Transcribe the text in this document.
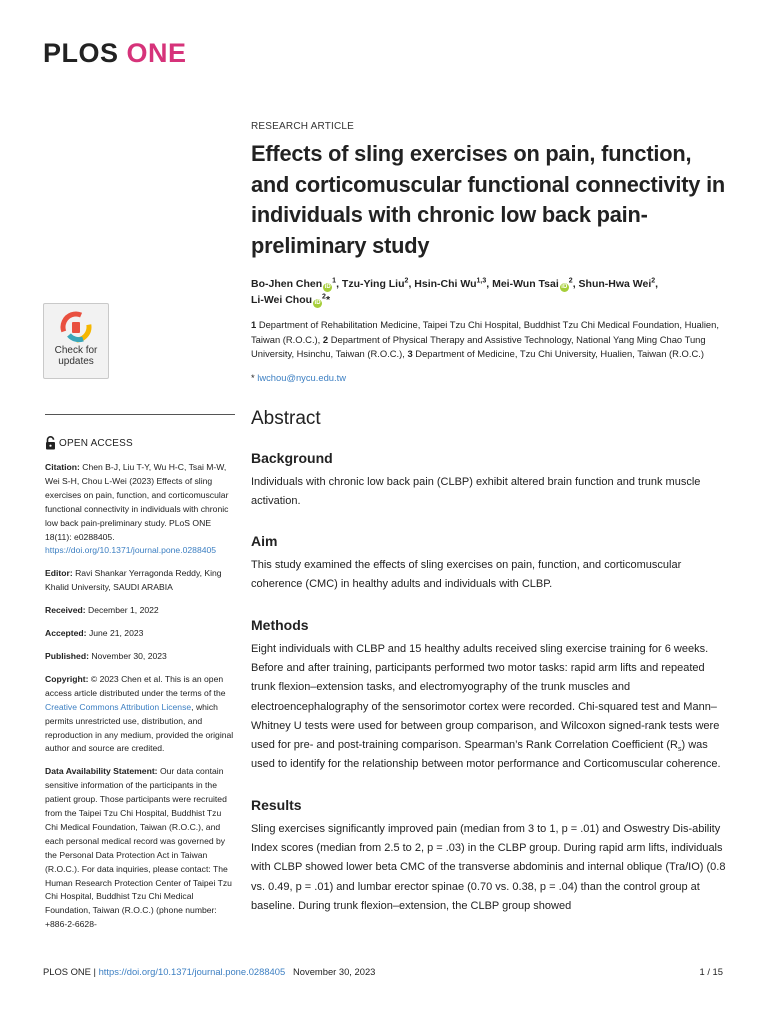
PLOS ONE
Check for
updates
OPEN ACCESS
Citation: Chen B-J, Liu T-Y, Wu H-C, Tsai M-W, Wei S-H, Chou L-Wei (2023) Effects of sling exercises on pain, function, and corticomuscular functional connectivity in individuals with chronic low back pain-preliminary study. PLoS ONE 18(11): e0288405. https://doi.org/10.1371/journal.pone.0288405
Editor: Ravi Shankar Yerragonda Reddy, King Khalid University, SAUDI ARABIA
Received: December 1, 2022
Accepted: June 21, 2023
Published: November 30, 2023
Copyright: © 2023 Chen et al. This is an open access article distributed under the terms of the Creative Commons Attribution License, which permits unrestricted use, distribution, and reproduction in any medium, provided the original author and source are credited.
Data Availability Statement: Our data contain sensitive information of the participants in the patient group. Those participants were recruited from the Taipei Tzu Chi Hospital, Buddhist Tzu Chi Medical Foundation, Taiwan (R.O.C.), and each personal medical record was governed by the Personal Data Protection Act in Taiwan (R.O.C.). For data inquiries, please contact: The Human Research Protection Center of Taipei Tzu Chi Hospital, Buddhist Tzu Chi Medical Foundation, Taiwan (R.O.C.) (phone number: +886-2-6628-
RESEARCH ARTICLE
Effects of sling exercises on pain, function, and corticomuscular functional connectivity in individuals with chronic low back pain-preliminary study
Bo-Jhen Chen $iD^1$, Tzu-Ying Liu$^2$, Hsin-Chi Wu$^{1,3}$, Mei-Wun Tsai $iD^2$, Shun-Hwa Wei$^2$,
Li-Wei Chou $iD^2*$
1 Department of Rehabilitation Medicine, Taipei Tzu Chi Hospital, Buddhist Tzu Chi Medical Foundation, Hualien, Taiwan (R.O.C.), 2 Department of Physical Therapy and Assistive Technology, National Yang Ming Chao Tung University, Hsinchu, Taiwan (R.O.C.), 3 Department of Medicine, Tzu Chi University, Hualien, Taiwan (R.O.C.)
* lwchou@nycu.edu.tw
Abstract
Background

Individuals with chronic low back pain (CLBP) exhibit altered brain function and trunk muscle activation.

Aim

This study examined the effects of sling exercises on pain, function, and corticomuscular coherence (CMC) in healthy adults and individuals with CLBP.

Methods

Eight individuals with CLBP and 15 healthy adults received sling exercise training for 6 weeks. Before and after training, participants performed two motor tasks: rapid arm lifts and repeated trunk flexion–extension tasks, and electromyography of the trunk muscles and electroencephalography of the sensorimotor cortex were recorded. Chi-squared test and Mann–Whitney U tests were used for between group comparison, and Wilcoxon signed-rank tests were used for pre- and post-training comparison. Spearman’s Rank Correlation Coefficient $(R_s)$ was used to identify for the relationship between motor performance and Corticomuscular coherence.

Results

Sling exercises significantly improved pain (median from 3 to 1, p = .01) and Oswestry Dis-ability Index scores (median from 2.5 to 2, p = .03) in the CLBP group. During rapid arm lifts, individuals with CLBP showed lower beta CMC of the transverse abdominis and internal oblique (Tra/IO) (0.8 vs. 0.49, p = .01) and lumbar erector spinae (0.70 vs. 0.38, p = .04) than the control group at baseline. During trunk flexion–extension, the CLBP group showed

PLOS ONE | https://doi.org/10.1371/journal.pone.0288405 November 30, 2023	1 / 15
